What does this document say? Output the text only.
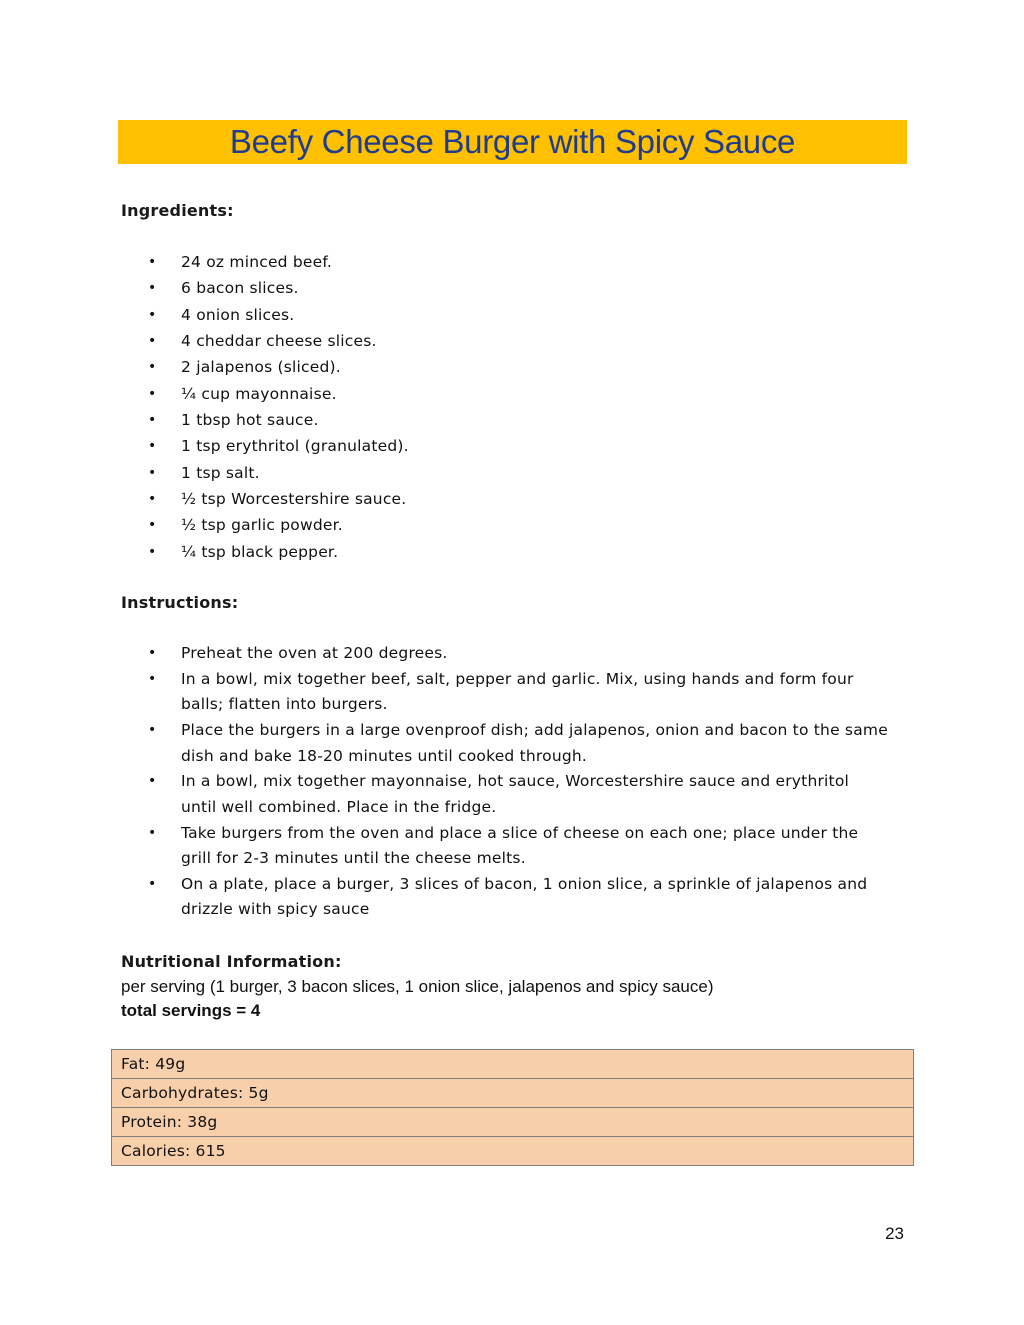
Beefy Cheese Burger with Spicy Sauce
Ingredients:
• 24 oz minced beef.
• 6 bacon slices.
• 4 onion slices.
• 4 cheddar cheese slices.
• 2 jalapenos (sliced).
• ¼ cup mayonnaise.
• 1 tbsp hot sauce.
• 1 tsp erythritol (granulated).
• 1 tsp salt.
• ½ tsp Worcestershire sauce.
• ½ tsp garlic powder.
• ¼ tsp black pepper.
Instructions:
• Preheat the oven at 200 degrees.
• In a bowl, mix together beef, salt, pepper and garlic. Mix, using hands and form four balls; flatten into burgers.
• Place the burgers in a large ovenproof dish; add jalapenos, onion and bacon to the same dish and bake 18-20 minutes until cooked through.
• In a bowl, mix together mayonnaise, hot sauce, Worcestershire sauce and erythritol until well combined. Place in the fridge.
• Take burgers from the oven and place a slice of cheese on each one; place under the grill for 2-3 minutes until the cheese melts.
• On a plate, place a burger, 3 slices of bacon, 1 onion slice, a sprinkle of jalapenos and drizzle with spicy sauce
Nutritional Information:
per serving (1 burger, 3 bacon slices, 1 onion slice, jalapenos and spicy sauce)
total servings = 4
Fat: 49g
Carbohydrates: 5g
Protein: 38g
Calories: 615
23
